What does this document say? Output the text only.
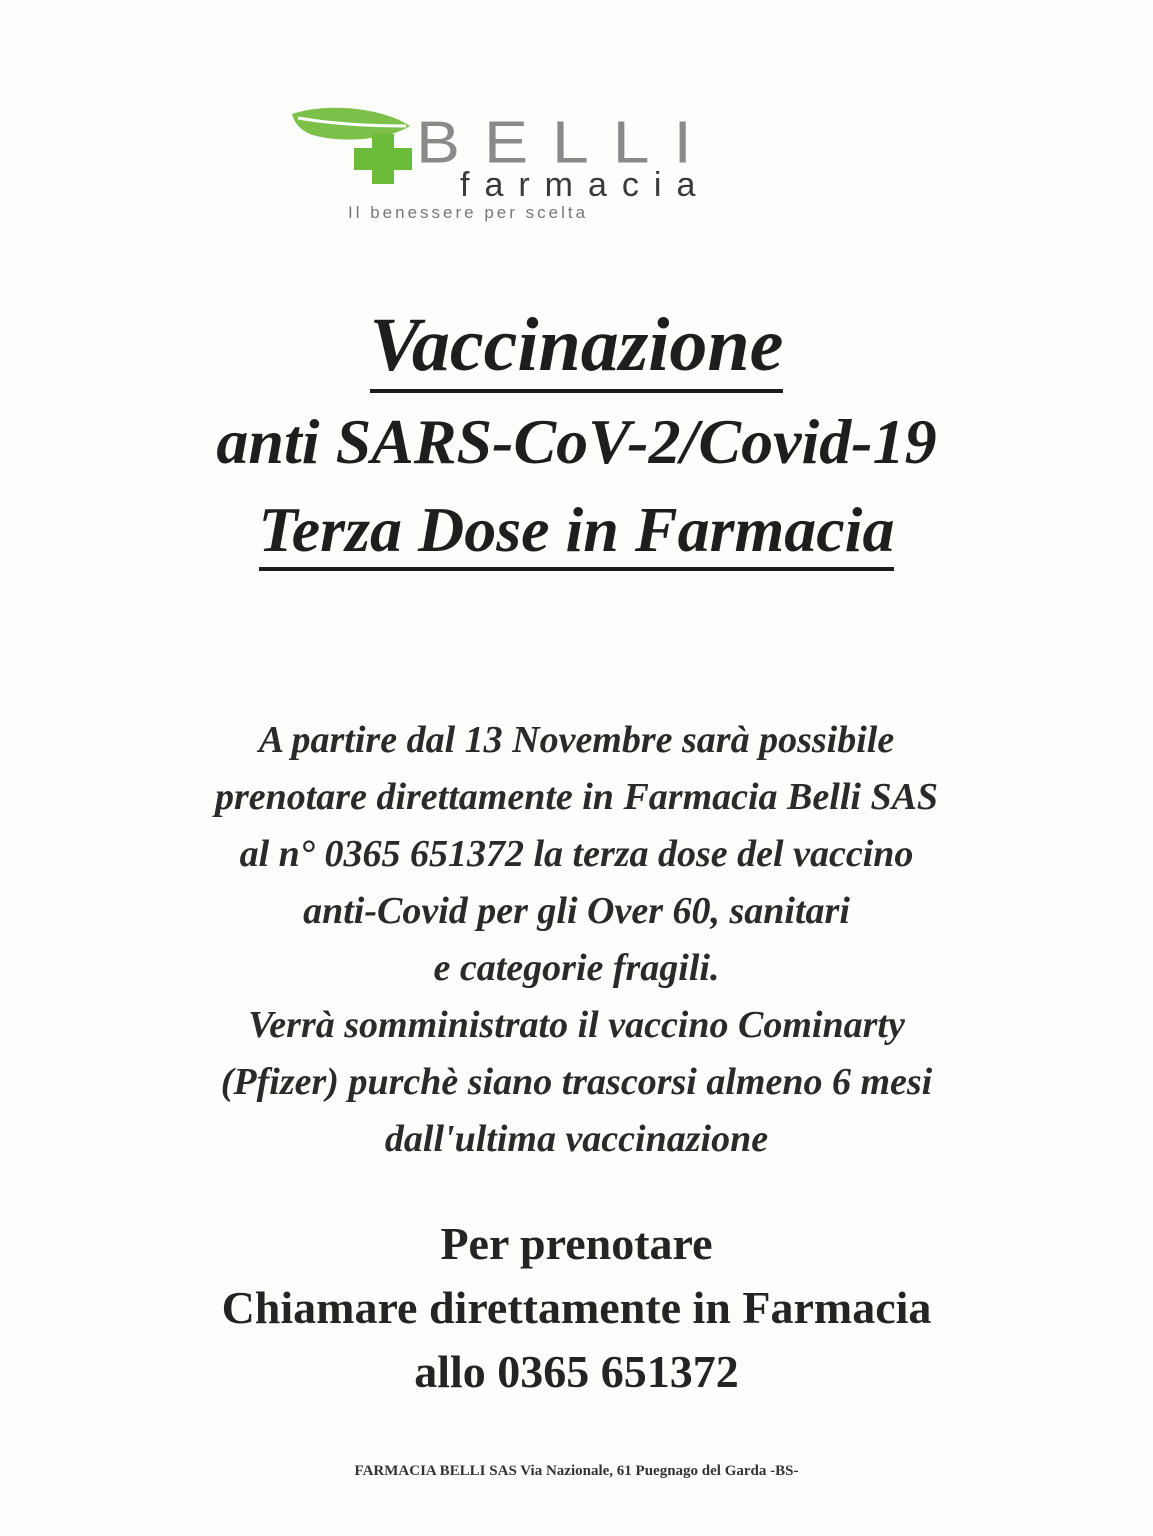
BELLI
farmacia
Il benessere per scelta
Vaccinazione
anti SARS-CoV-2/Covid-19
Terza Dose in Farmacia
A partire dal 13 Novembre sarà possibile
prenotare direttamente in Farmacia Belli SAS
al n° 0365 651372 la terza dose del vaccino
anti-Covid per gli Over 60, sanitari
e categorie fragili.
Verrà somministrato il vaccino Cominarty
(Pfizer) purchè siano trascorsi almeno 6 mesi
dall'ultima vaccinazione
Per prenotare
Chiamare direttamente in Farmacia
allo 0365 651372
FARMACIA BELLI SAS Via Nazionale, 61 Puegnago del Garda -BS-
